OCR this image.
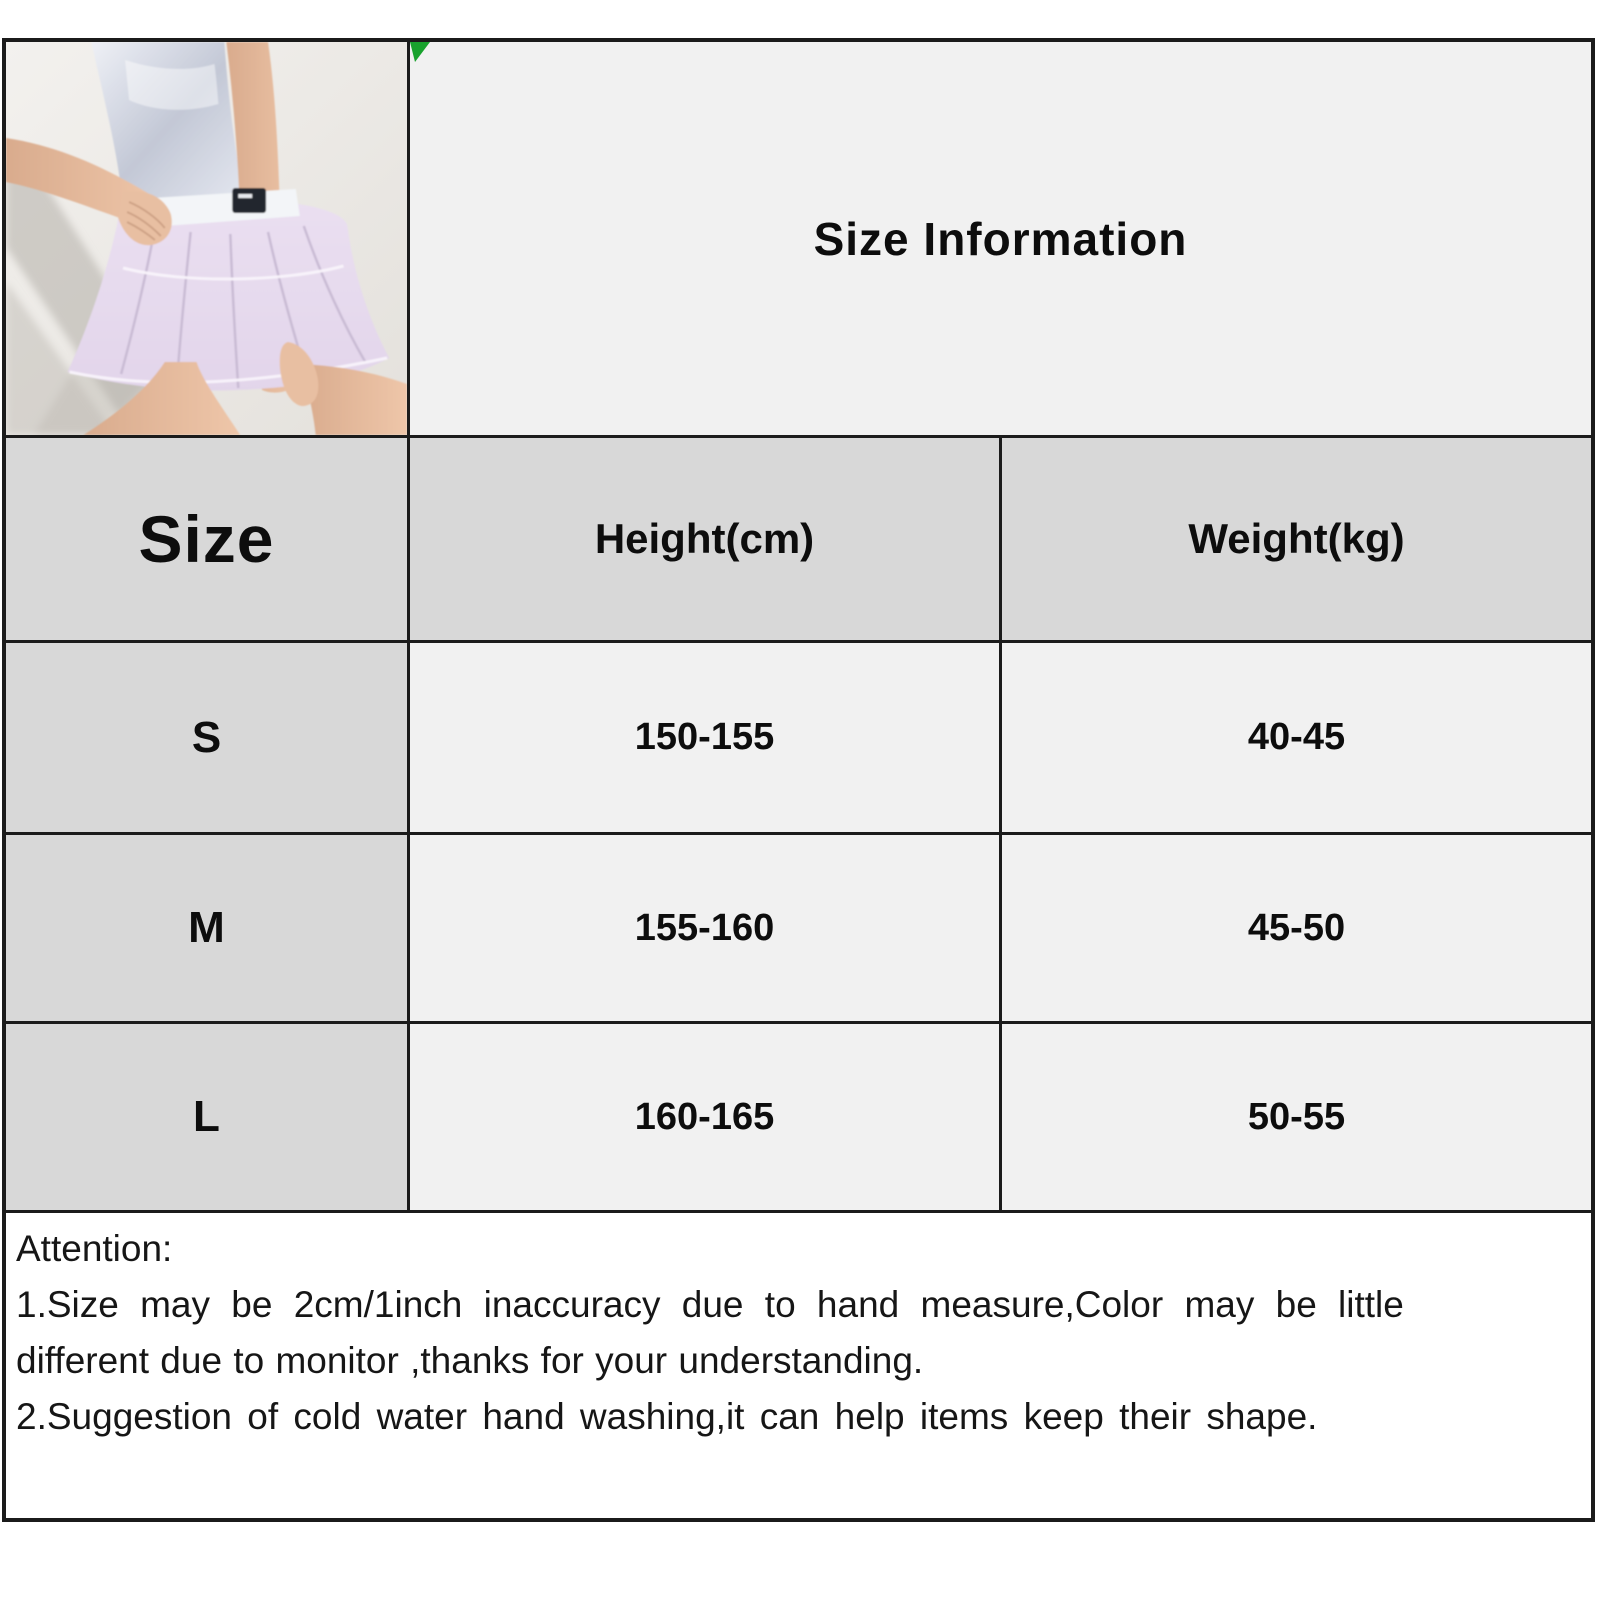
Size Information
Size	Height(cm)	Weight(kg)
S	150-155	40-45
M	155-160	45-50
L	160-165	50-55
Attention:
1.Size may be 2cm/1inch inaccuracy due to hand measure,Color may be little
different due to monitor ,thanks for your understanding.
2.Suggestion of cold water hand washing,it can help items keep their shape.
